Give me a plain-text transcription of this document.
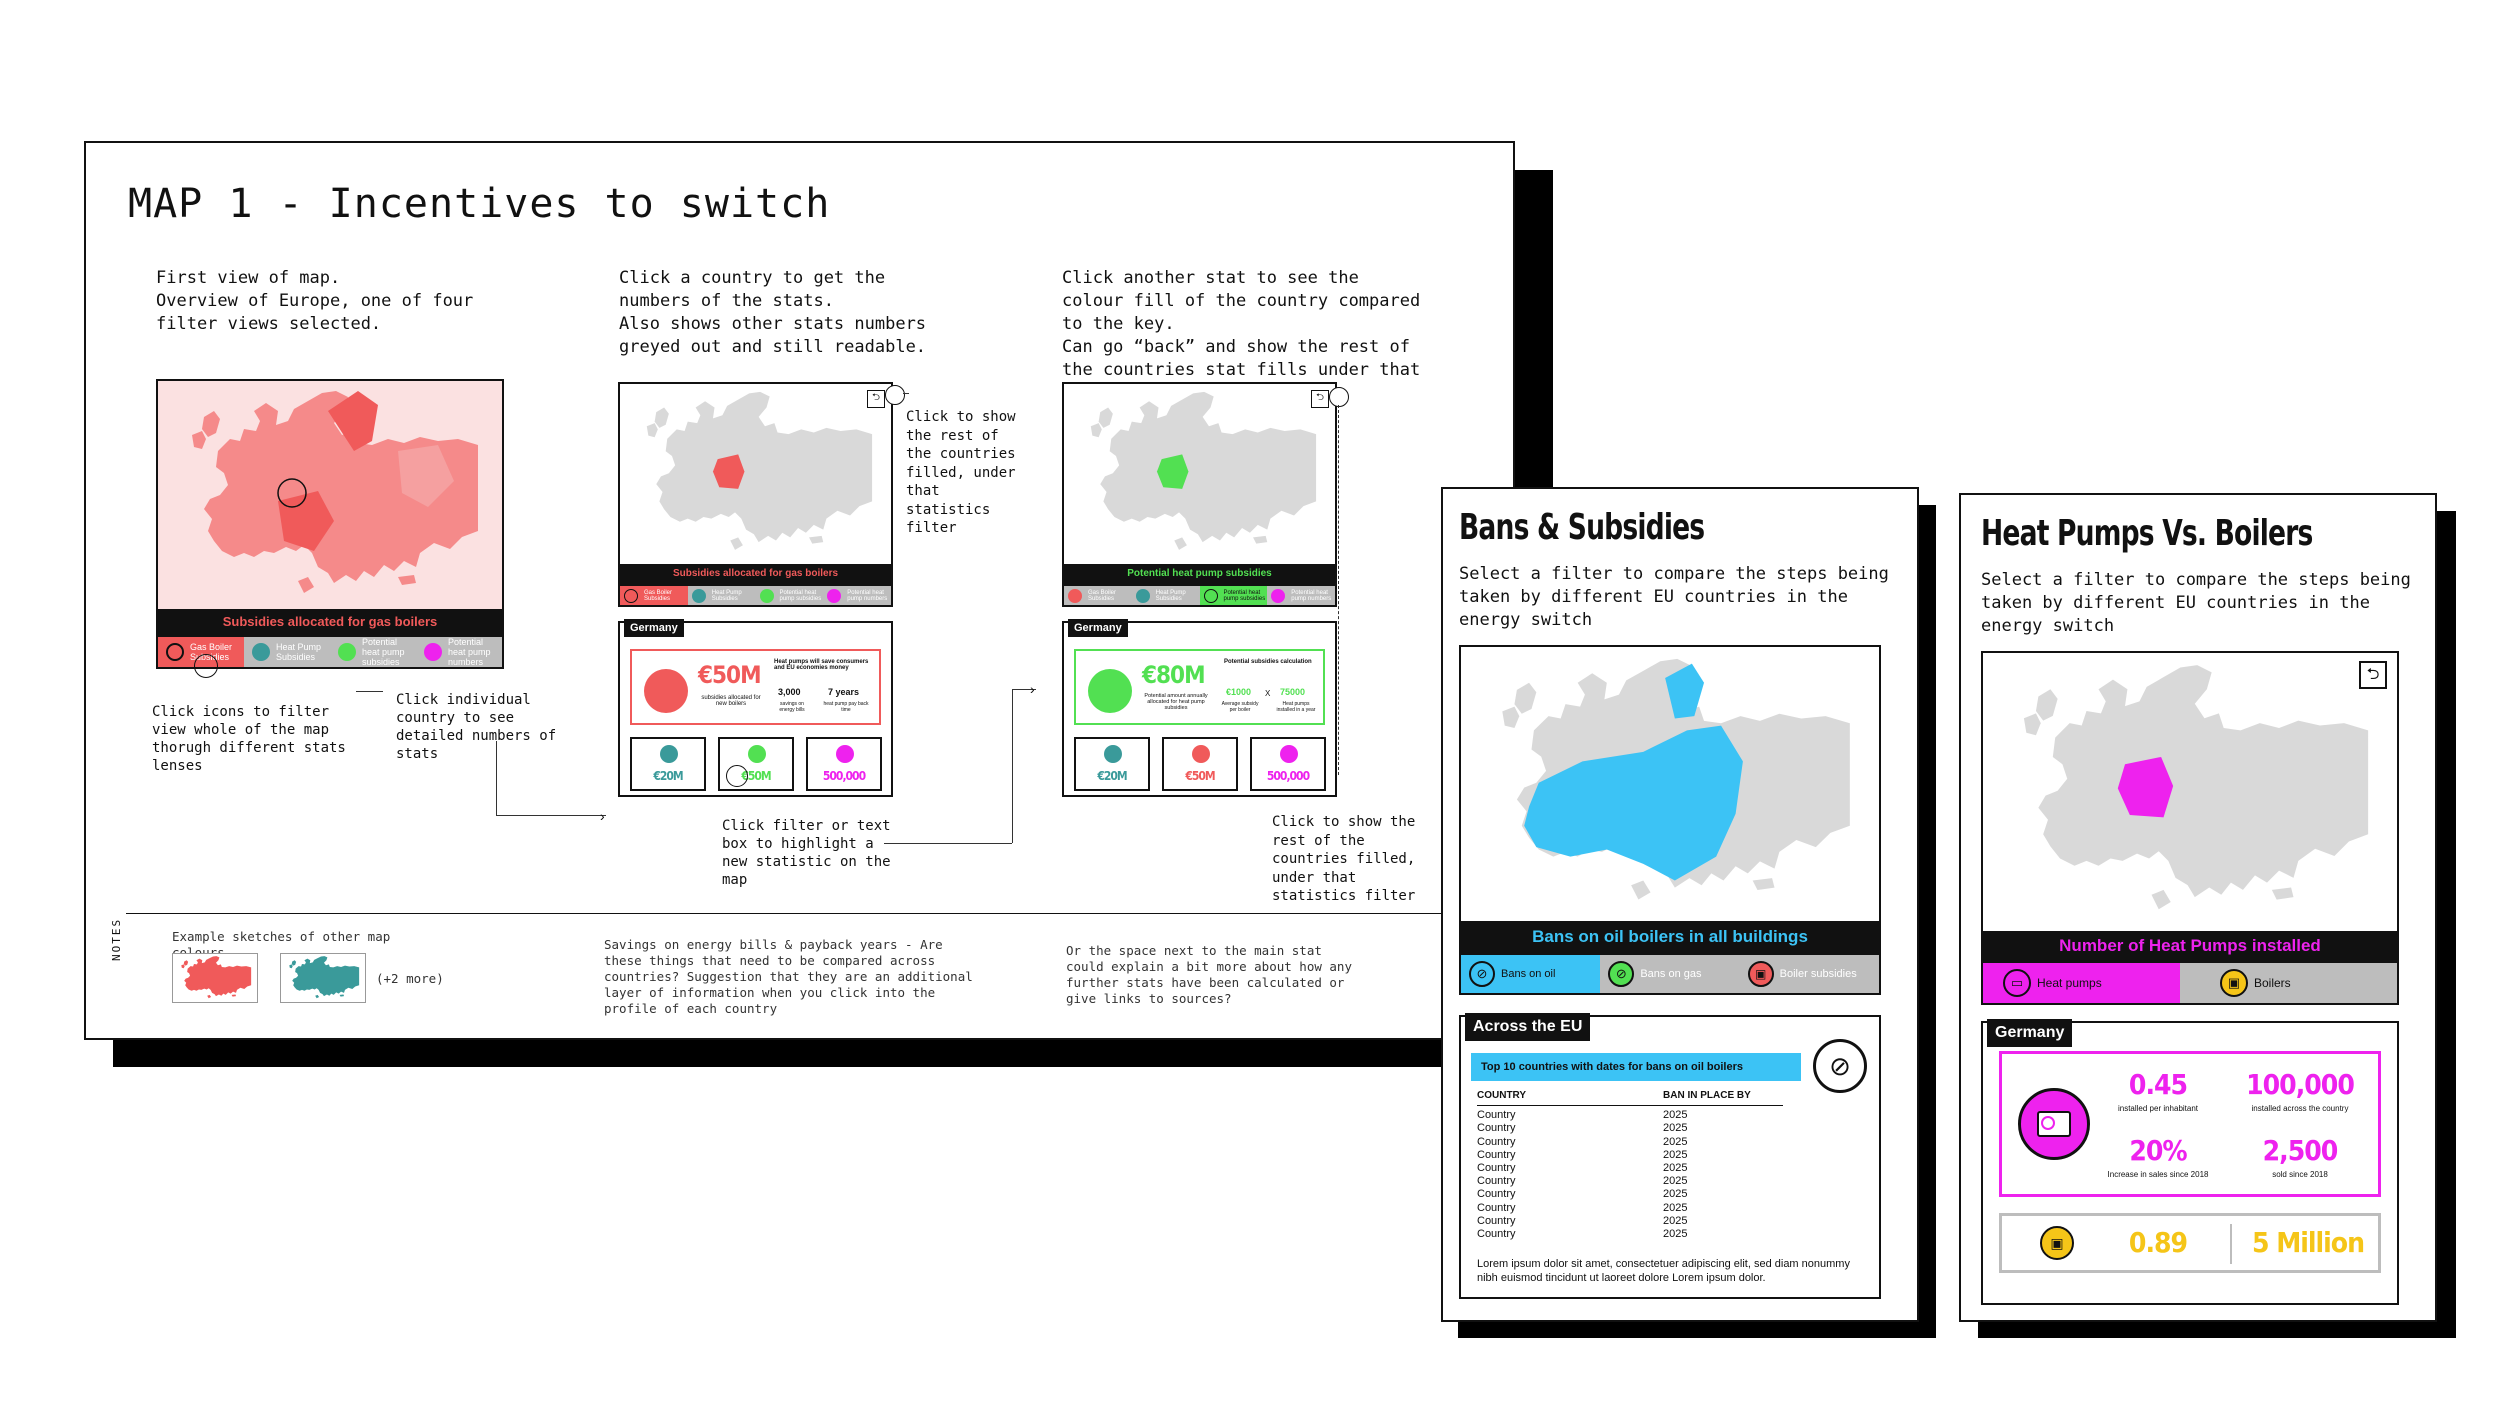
MAP 1 - Incentives to switch
First view of map.
Overview of Europe, one of four filter views selected.
Click a country to get the numbers of the stats.
Also shows other stats numbers greyed out and still readable.
Click another stat to see the colour fill of the country compared to the key.
Can go “back” and show the rest of the countries stat fills under that
Subsidies allocated for gas boilers
Gas Boiler Subsidies
Heat Pump Subsidies
Potential heat pump subsidies
Potential heat pump numbers
Click icons to filter view whole of the map thorugh different stats lenses
Click individual country to see detailed numbers of stats
›
⮌
Subsidies allocated for gas boilers
Gas Boiler Subsidies
Heat Pump Subsidies
Potential heat pump subsidies
Potential heat pump numbers
Click to show the rest of the countries filled, under that statistics filter
Germany
€50M
subsidies allocated for new boilers
Heat pumps will save consumers and EU economies money
3,000
savings on energy bills
7 years
heat pump pay back time
€20M	€50M	500,000
Click filter or text box to highlight a new statistic on the map
›
⮌
Potential heat pump subsidies
Gas Boiler Subsidies
Heat Pump Subsidies
Potential heat pump subsidies
Potential heat pump numbers
Germany
€80M
Potential amount annually allocated for heat pump subsidies
Potential subsidies calculation
€1000
Average subsidy per boiler
X 75000
Heat pumps installed in a year
€20M	€50M	500,000
Click to show the rest of the countries filled, under that statistics filter
NOTES	Example sketches of other map
(+2 more)
Savings on energy bills & payback years - Are these things that need to be compared across countries? Suggestion that they are an additional layer of information when you click into the profile of each country
Or the space next to the main stat could explain a bit more about how any further stats have been calculated or give links to sources?
Bans & Subsidies
Select a filter to compare the steps being taken by different EU countries in the energy switch
Bans on oil boilers in all buildings
⊘	Bans on oil	⊘	Bans on gas	▣	Boiler subsidies
Across the EU
Top 10 countries with dates for bans on oil boilers	⊘
COUNTRY	BAN IN PLACE BY
Country	2025
Country	2025
Country	2025
Country	2025
Country	2025
Country	2025
Country	2025
Country	2025
Country	2025
Country	2025
Lorem ipsum dolor sit amet, consectetuer adipiscing elit, sed diam nonummy nibh euismod tincidunt ut laoreet dolore Lorem ipsum dolor.
Heat Pumps Vs. Boilers
Select a filter to compare the steps being taken by different EU countries in the energy switch
⮌
Number of Heat Pumps installed
▭	Heat pumps	▣	Boilers
Germany
0.45
installed per inhabitant
100,000
installed across the country
20%
Increase in sales since 2018
2,500
sold since 2018
▣	0.89	5 Million
